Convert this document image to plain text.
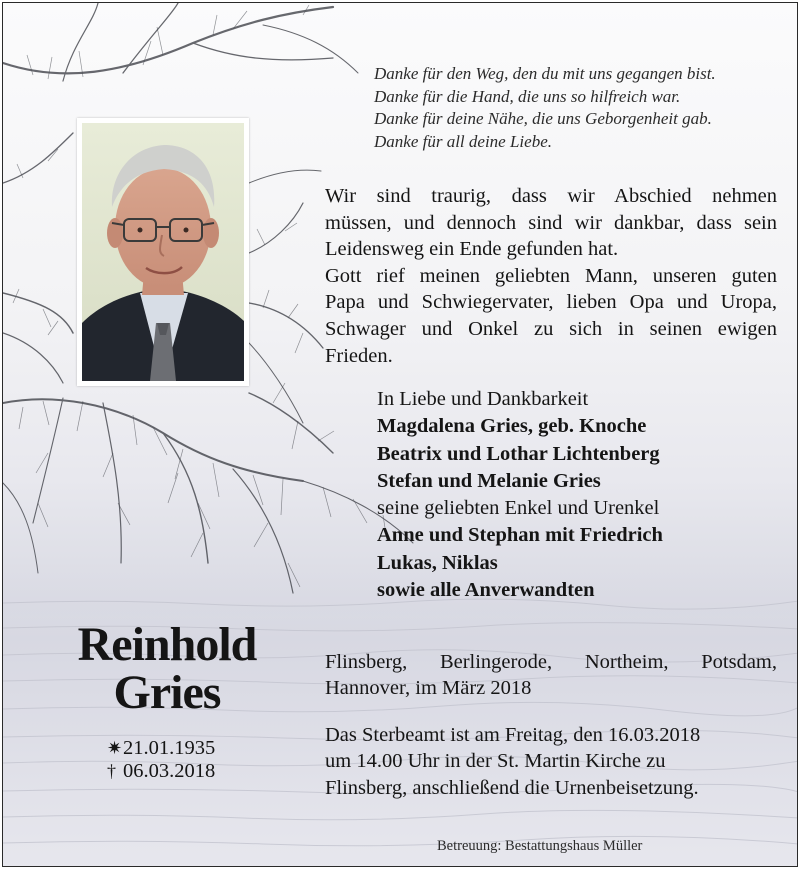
Danke für den Weg, den du mit uns gegangen bist.
Danke für die Hand, die uns so hilfreich war.
Danke für deine Nähe, die uns Geborgenheit gab.
Danke für all deine Liebe.
Wir sind traurig, dass wir Abschied nehmen
müssen, und dennoch sind wir dankbar, dass sein
Leidensweg ein Ende gefunden hat.
Gott rief meinen geliebten Mann, unseren guten
Papa und Schwiegervater, lieben Opa und Uropa,
Schwager und Onkel zu sich in seinen ewigen
Frieden.
In Liebe und Dankbarkeit
Magdalena Gries, geb. Knoche
Beatrix und Lothar Lichtenberg
Stefan und Melanie Gries
seine geliebten Enkel und Urenkel
Anne und Stephan mit Friedrich
Lukas, Niklas
sowie alle Anverwandten
Reinhold
Gries
✷21.01.1935
† 06.03.2018
Flinsberg, Berlingerode, Northeim, Potsdam,
Hannover, im März 2018
Das Sterbeamt ist am Freitag, den 16.03.2018
um 14.00 Uhr in der St. Martin Kirche zu
Flinsberg, anschließend die Urnenbeisetzung.
Betreuung: Bestattungshaus Müller
